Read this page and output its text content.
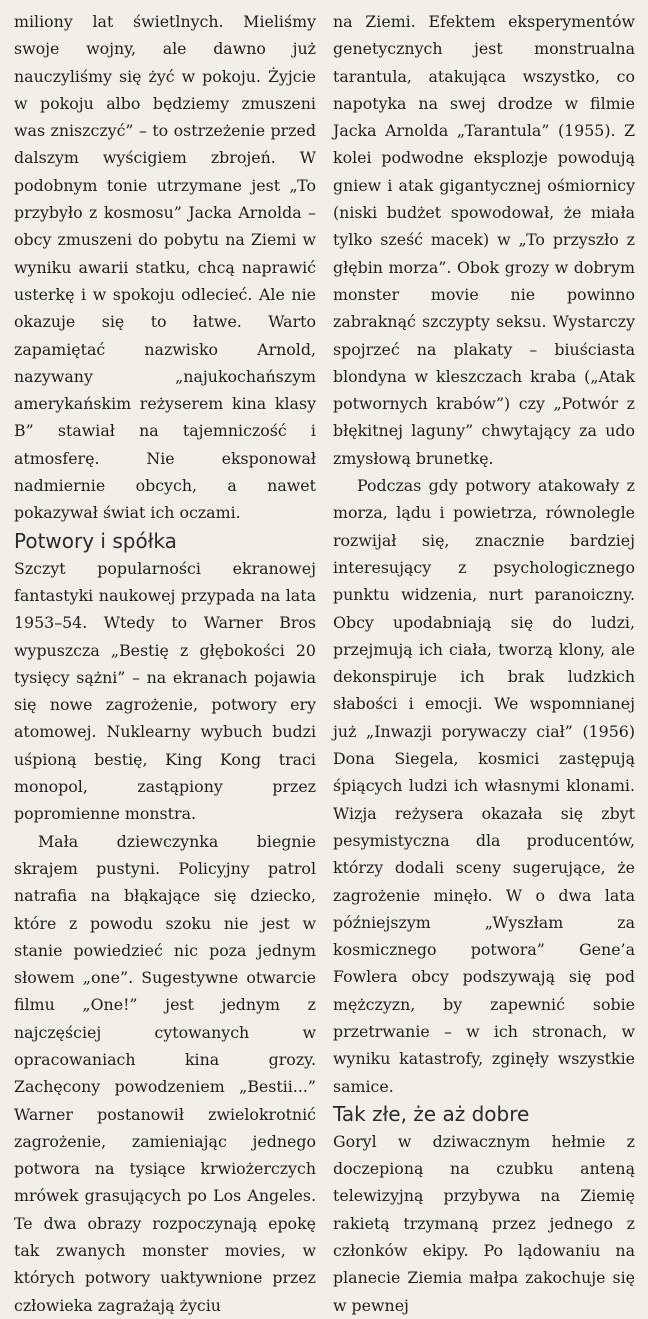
miliony lat świetlnych. Mieliśmy swoje wojny, ale dawno już nauczyliśmy się żyć w pokoju. Żyjcie w pokoju albo będziemy zmuszeni was zniszczyć” – to ostrzeżenie przed dalszym wyścigiem zbrojeń. W podobnym tonie utrzymane jest „To przybyło z kosmosu” Jacka Arnolda – obcy zmuszeni do pobytu na Ziemi w wyniku awarii statku, chcą naprawić usterkę i w spokoju odlecieć. Ale nie okazuje się to łatwe. Warto zapamiętać nazwisko Arnold, nazywany „najukochańszym amerykańskim reżyserem kina klasy B” stawiał na tajemniczość i atmosferę. Nie eksponował nadmiernie obcych, a nawet pokazywał świat ich oczami.

Potwory i spółka

Szczyt popularności ekranowej fantastyki naukowej przypada na lata 1953–54. Wtedy to Warner Bros wypuszcza „Bestię z głębokości 20 tysięcy sążni” – na ekranach pojawia się nowe zagrożenie, potwory ery atomowej. Nuklearny wybuch budzi uśpioną bestię, King Kong traci monopol, zastąpiony przez popromienne monstra.

Mała dziewczynka biegnie skrajem pustyni. Policyjny patrol natrafia na błąkające się dziecko, które z powodu szoku nie jest w stanie powiedzieć nic poza jednym słowem „one”. Sugestywne otwarcie filmu „One!” jest jednym z najczęściej cytowanych w opracowaniach kina grozy. Zachęcony powodzeniem „Bestii...” Warner postanowił zwielokrotnić zagrożenie, zamieniając jednego potwora na tysiące krwiożerczych mrówek grasujących po Los Angeles. Te dwa obrazy rozpoczynają epokę tak zwanych monster movies, w których potwory uaktywnione przez człowieka zagrażają życiu

na Ziemi. Efektem eksperymentów genetycznych jest monstrualna tarantula, atakująca wszystko, co napotyka na swej drodze w filmie Jacka Arnolda „Tarantula” (1955). Z kolei podwodne eksplozje powodują gniew i atak gigantycznej ośmiornicy (niski budżet spowodował, że miała tylko sześć macek) w „To przyszło z głębin morza”. Obok grozy w dobrym monster movie nie powinno zabraknąć szczypty seksu. Wystarczy spojrzeć na plakaty – biuściasta blondyna w kleszczach kraba („Atak potwornych krabów”) czy „Potwór z błękitnej laguny” chwytający za udo zmysłową brunetkę.

Podczas gdy potwory atakowały z morza, lądu i powietrza, równolegle rozwijał się, znacznie bardziej interesujący z psychologicznego punktu widzenia, nurt paranoiczny. Obcy upodabniają się do ludzi, przejmują ich ciała, tworzą klony, ale dekonspiruje ich brak ludzkich słabości i emocji. We wspomnianej już „Inwazji porywaczy ciał” (1956) Dona Siegela, kosmici zastępują śpiących ludzi ich własnymi klonami. Wizja reżysera okazała się zbyt pesymistyczna dla producentów, którzy dodali sceny sugerujące, że zagrożenie minęło. W o dwa lata późniejszym „Wyszłam za kosmicznego potwora” Gene’a Fowlera obcy podszywają się pod mężczyzn, by zapewnić sobie przetrwanie – w ich stronach, w wyniku katastrofy, zginęły wszystkie samice.

Tak złe, że aż dobre

Goryl w dziwacznym hełmie z doczepioną na czubku anteną telewizyjną przybywa na Ziemię rakietą trzymaną przez jednego z członków ekipy. Po lądowaniu na planecie Ziemia małpa zakochuje się w pewnej
